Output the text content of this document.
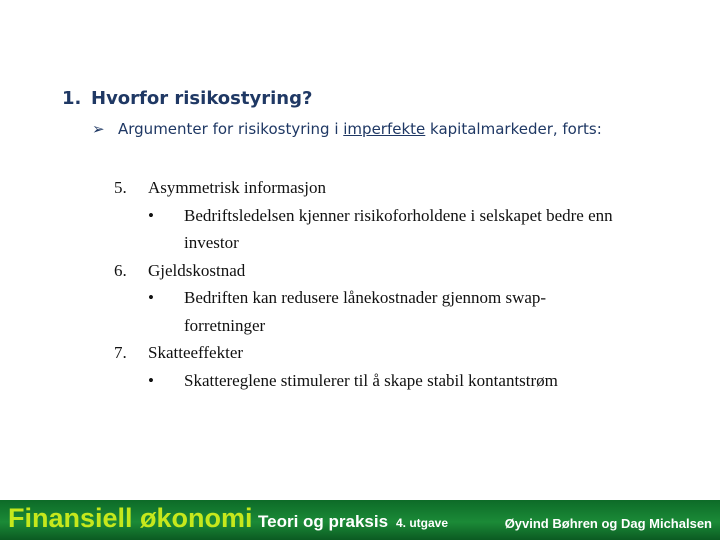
1. Hvorfor risikostyring?
➢ Argumenter for risikostyring i imperfekte kapitalmarkeder, forts:
5. Asymmetrisk informasjon
•	Bedriftsledelsen kjenner risikoforholdene i selskapet bedre enn investor
6. Gjeldskostnad
•	Bedriften kan redusere lånekostnader gjennom swap-forretninger
7. Skatteeffekter
•	Skattereglene stimulerer til å skape stabil kontantstrøm
Finansiell økonomi Teori og praksis 4. utgave	Øyvind Bøhren og Dag Michalsen
